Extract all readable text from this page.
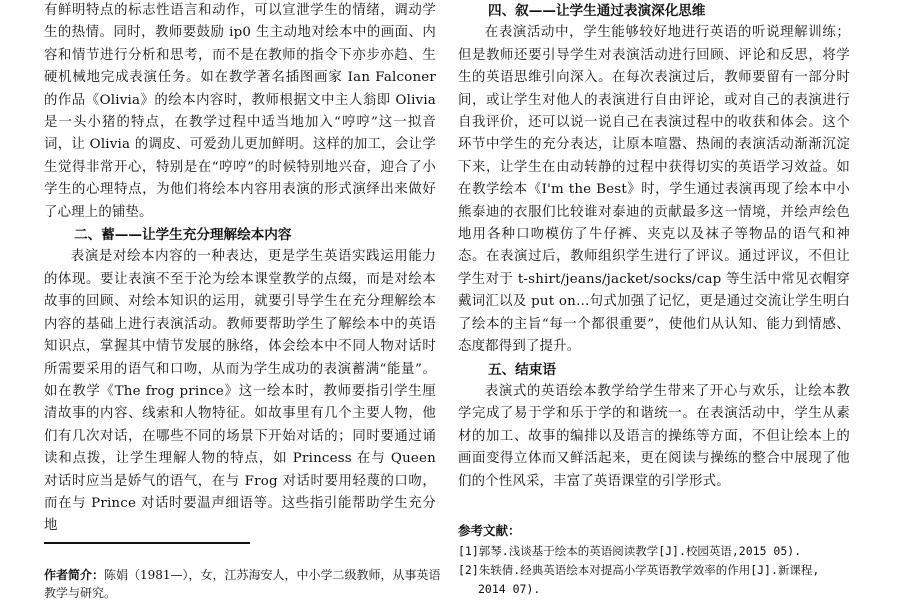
有鲜明特点的标志性语言和动作，可以宣泄学生的情绪，调动学生的热情。同时，教师要鼓励 ip0 生主动地对绘本中的画面、内容和情节进行分析和思考，而不是在教师的指令下亦步亦趋、生硬机械地完成表演任务。如在教学著名插图画家 Ian Falconer 的作品《Olivia》的绘本内容时，教师根据文中主人翁即 Olivia 是一头小猪的特点，在教学过程中适当地加入“哼哼”这一拟音词，让 Olivia 的调皮、可爱劲儿更加鲜明。这样的加工，会让学生觉得非常开心，特别是在“哼哼”的时候特别地兴奋，迎合了小学生的心理特点，为他们将绘本内容用表演的形式演绎出来做好了心理上的铺垫。

二、蓄——让学生充分理解绘本内容

表演是对绘本内容的一种表达，更是学生英语实践运用能力的体现。要让表演不至于沦为绘本课堂教学的点缀，而是对绘本故事的回顾、对绘本知识的运用，就要引导学生在充分理解绘本内容的基础上进行表演活动。教师要帮助学生了解绘本中的英语知识点，掌握其中情节发展的脉络，体会绘本中不同人物对话时所需要采用的语气和口吻，从而为学生成功的表演蓄满“能量”。如在教学《The frog prince》这一绘本时，教师要指引学生厘清故事的内容、线索和人物特征。如故事里有几个主要人物，他们有几次对话，在哪些不同的场景下开始对话的；同时要通过诵读和点拨，让学生理解人物的特点，如 Princess 在与 Queen 对话时应当是娇气的语气，在与 Frog 对话时要用轻蔑的口吻，而在与 Prince 对话时要温声细语等。这些指引能帮助学生充分地

四、叙——让学生通过表演深化思维

在表演活动中，学生能够较好地进行英语的听说理解训练；但是教师还要引导学生对表演活动进行回顾、评论和反思，将学生的英语思维引向深入。在每次表演过后，教师要留有一部分时间，或让学生对他人的表演进行自由评论，或对自己的表演进行自我评价，还可以说一说自己在表演过程中的收获和体会。这个环节中学生的充分表达，让原本喧嚣、热闹的表演活动渐渐沉淀下来，让学生在由动转静的过程中获得切实的英语学习效益。如在教学绘本《I'm the Best》时，学生通过表演再现了绘本中小熊泰迪的衣服们比较谁对泰迪的贡献最多这一情境，并绘声绘色地用各种口吻模仿了牛仔裤、夹克以及袜子等物品的语气和神态。在表演过后，教师组织学生进行了评议。通过评议，不但让学生对于 t-shirt/jeans/jacket/socks/cap 等生活中常见衣帽穿戴词汇以及 put on…句式加强了记忆，更是通过交流让学生明白了绘本的主旨“每一个都很重要”，使他们从认知、能力到情感、态度都得到了提升。

五、结束语

表演式的英语绘本教学给学生带来了开心与欢乐，让绘本教学完成了易于学和乐于学的和谐统一。在表演活动中，学生从素材的加工、故事的编排以及语言的操练等方面，不但让绘本上的画面变得立体而又鲜活起来，更在阅读与操练的整合中展现了他们的个性风采，丰富了英语课堂的引学形式。

作者简介：陈娟（1981—），女，江苏海安人，中小学二级教师，从事英语教学与研究。
参考文献：

[1]郭琴.浅谈基于绘本的英语阅读教学[J].校园英语,2015 05).

[2]朱轶倩.经典英语绘本对提高小学英语教学效率的作用[J].新课程,

2014 07).
